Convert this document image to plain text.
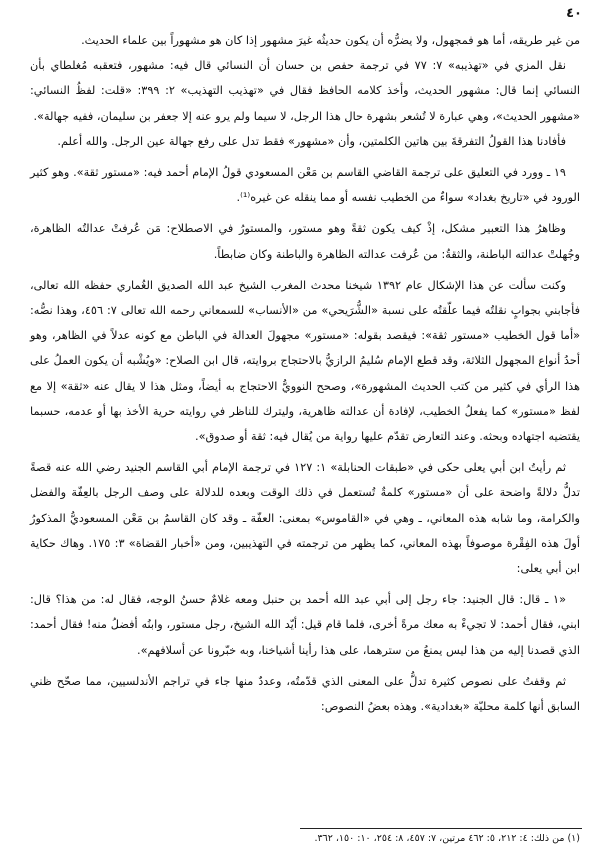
٤٠

من غير طريقه، أما هو فمجهول، ولا يضرُّه أن يكون حديثُه غيرَ مشهور إذا كان هو مشهوراً بين علماء الحديث.

نقل المزي في «تهذيبه» ٧: ٧٧ في ترجمة حفص بن حسان أن النسائي قال فيه: مشهور، فتعقبه مُغلطاي بأن النسائي إنما قال: مشهور الحديث، وأخذ كلامه الحافظ فقال في «تهذيب التهذيب» ٢: ٣٩٩: «قلت: لفظُ النسائي: «مشهور الحديث»، وهي عبارة لا تُشعر بشهرة حال هذا الرجل، لا سيما ولم يرو عنه إلا جعفر بن سليمان، ففيه جهالة».

فأفادنا هذا القولُ التفرقةَ بين هاتين الكلمتين، وأن «مشهور» فقط تدل على رفع جهالة عين الرجل. والله أعلم.

١٩ ـ وورد في التعليق على ترجمة القاضي القاسم بن مَعْن المسعودي قولُ الإمام أحمد فيه: «مستور ثقة». وهو كثير الورود في «تاريخ بغداد» سواءٌ من الخطيب نفسه أو مما ينقله عن غيره⁽¹⁾.

وظاهرُ هذا التعبير مشكل، إذْ كيف يكون ثقةً وهو مستور، والمستورُ في الاصطلاح: مَن عُرفتْ عدالتُه الظاهرة، وجُهلتْ عدالته الباطنة، والثقةُ: من عُرفت عدالته الظاهرة والباطنة وكان ضابطاً.

وكنت سألت عن هذا الإشكال عام ١٣٩٢ شيخنا محدث المغرب الشيخ عبد الله الصديق الغُماري حفظه الله تعالى، فأجابني بجوابٍ نقلتُه فيما علّقتُه على نسبة «الشُّرَيحي» من «الأنساب» للسمعاني رحمه الله تعالى ٧: ٤٥٦، وهذا نصُّه: «أما قول الخطيب «مستور ثقة»: فيقصد بقوله: «مستور» مجهولَ العدالة في الباطن مع كونه عدلاً في الظاهر، وهو أحدُ أنواع المجهول الثلاثة، وقد قطع الإمام سُليمُ الرازيُّ بالاحتجاج بروايته، قال ابن الصلاح: «ويُشْبه أن يكون العملُ على هذا الرأي في كثير من كتب الحديث المشهورة»، وصحح النوويُّ الاحتجاج به أيضاً، ومثل هذا لا يقال عنه «ثقة» إلا مع لفظ «مستور» كما يفعلُ الخطيب، لإفادة أن عدالته ظاهرية، وليترك للناظر في روايته حرية الأخذ بها أو عدمه، حسبما يقتضيه اجتهاده وبحثه. وعند التعارض تقدّم عليها رواية من يُقال فيه: ثقة أو صدوق».

ثم رأيتُ ابن أبي يعلى حكى في «طبقات الحنابلة» ١: ١٢٧ في ترجمة الإمام أبي القاسم الجنيد رضي الله عنه قصةً تدلُّ دلالةً واضحة على أن «مستور» كلمةٌ تُستعمل في ذلك الوقت وبعده للدلالة على وصف الرجل بالعِفّة والفضل والكرامة، وما شابه هذه المعاني، ـ وهي في «القاموس» بمعنى: العفّة ـ وقد كان القاسمُ بن مَعْن المسعوديُّ المذكورُ أولَ هذه الفِقْرة موصوفاً بهذه المعاني، كما يظهر من ترجمته في التهذيبين، ومن «أخبار القضاة» ٣: ١٧٥. وهاك حكاية ابن أبي يعلى:

«١ ـ قال: قال الجنيد: جاء رجل إلى أبي عبد الله أحمد بن حنبل ومعه غلامٌ حسنُ الوجه، فقال له: من هذا؟ قال: ابني، فقال أحمد: لا تجيءْ به معك مرةً أخرى، فلما قام قيل: أيّد الله الشيخ، رجل مستور، وابنُه أفضلُ منه! فقال أحمد: الذي قصدنا إليه من هذا ليس يمنعُ من سترهما، على هذا رأينا أشياخنا، وبه خبّرونا عن أسلافهم».

ثم وقفتُ على نصوص كثيرة تدلُّ على المعنى الذي قدّمتُه، وعددٌ منها جاء في تراجم الأندلسيين، مما صحّح ظني السابق أنها كلمة محليّة «بغدادية». وهذه بعضُ النصوص:

(١) من ذلك: ٤: ٢١٢، ٥: ٤٦٢ مرتين، ٧: ٤٥٧، ٨: ٢٥٤، ١٠: ١٥٠، ٣٦٢.
